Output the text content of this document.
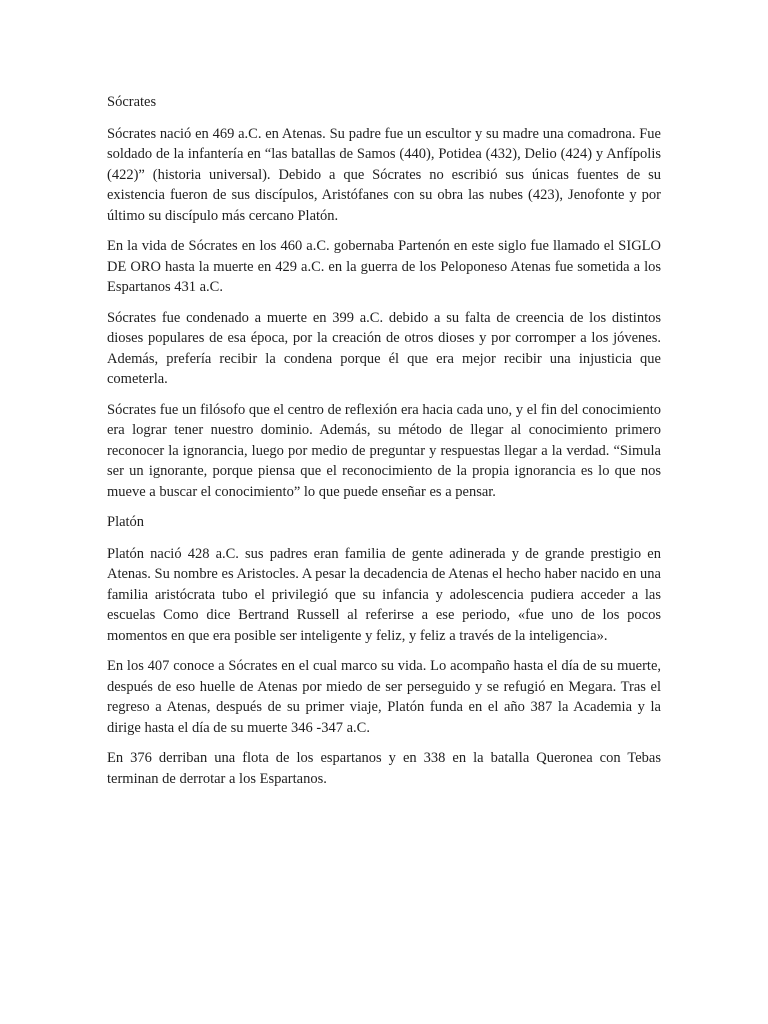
Sócrates

Sócrates nació en 469 a.C. en Atenas. Su padre fue un escultor y su madre una comadrona. Fue soldado de la infantería en “las batallas de Samos (440), Potidea (432), Delio (424) y Anfípolis (422)” (historia universal). Debido a que Sócrates no escribió sus únicas fuentes de su existencia fueron de sus discípulos, Aristófanes con su obra las nubes (423), Jenofonte y por último su discípulo más cercano Platón.

En la vida de Sócrates en los 460 a.C. gobernaba Partenón en este siglo fue llamado el SIGLO DE ORO hasta la muerte en 429 a.C. en la guerra de los Peloponeso Atenas fue sometida a los Espartanos 431 a.C.

Sócrates fue condenado a muerte en 399 a.C. debido a su falta de creencia de los distintos dioses populares de esa época, por la creación de otros dioses y por corromper a los jóvenes. Además, prefería recibir la condena porque él que era mejor recibir una injusticia que cometerla.

Sócrates fue un filósofo que el centro de reflexión era hacia cada uno, y el fin del conocimiento era lograr tener nuestro dominio. Además, su método de llegar al conocimiento primero reconocer la ignorancia, luego por medio de preguntar y respuestas llegar a la verdad. “Simula ser un ignorante, porque piensa que el reconocimiento de la propia ignorancia es lo que nos mueve a buscar el conocimiento” lo que puede enseñar es a pensar.

Platón

Platón nació 428 a.C. sus padres eran familia de gente adinerada y de grande prestigio en Atenas. Su nombre es Aristocles. A pesar la decadencia de Atenas el hecho haber nacido en una familia aristócrata tubo el privilegió que su infancia y adolescencia pudiera acceder a las escuelas Como dice Bertrand Russell al referirse a ese periodo, «fue uno de los pocos momentos en que era posible ser inteligente y feliz, y feliz a través de la inteligencia».

En los 407 conoce a Sócrates en el cual marco su vida. Lo acompaño hasta el día de su muerte, después de eso huelle de Atenas por miedo de ser perseguido y se refugió en Megara. Tras el regreso a Atenas, después de su primer viaje, Platón funda en el año 387 la Academia y la dirige hasta el día de su muerte 346 -347 a.C.

En 376 derriban una flota de los espartanos y en 338 en la batalla Queronea con Tebas terminan de derrotar a los Espartanos.
